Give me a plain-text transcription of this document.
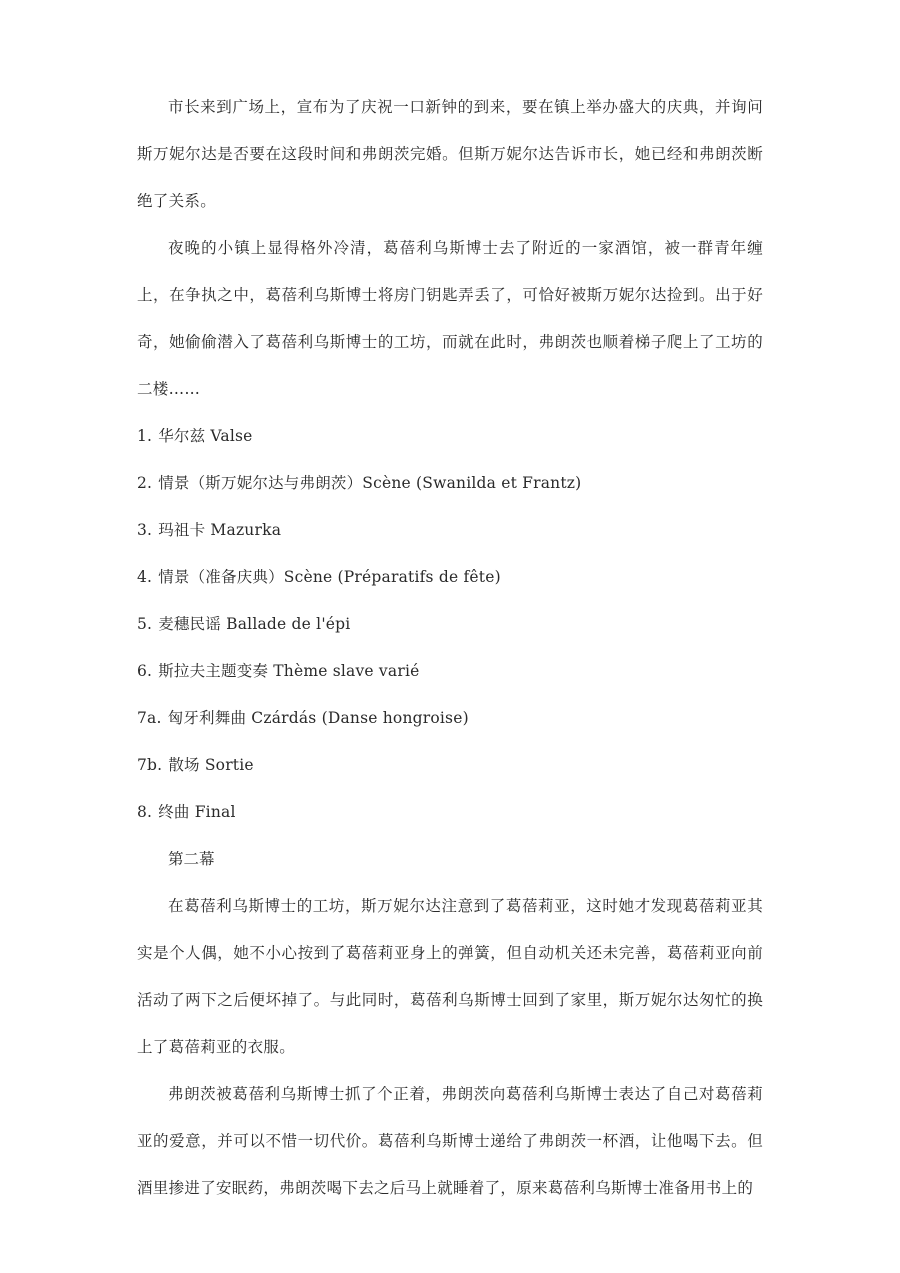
市长来到广场上，宣布为了庆祝一口新钟的到来，要在镇上举办盛大的庆典，并询问斯万妮尔达是否要在这段时间和弗朗茨完婚。但斯万妮尔达告诉市长，她已经和弗朗茨断绝了关系。

夜晚的小镇上显得格外冷清，葛蓓利乌斯博士去了附近的一家酒馆，被一群青年缠上，在争执之中，葛蓓利乌斯博士将房门钥匙弄丢了，可恰好被斯万妮尔达捡到。出于好奇，她偷偷潜入了葛蓓利乌斯博士的工坊，而就在此时，弗朗茨也顺着梯子爬上了工坊的二楼……

1. 华尔兹 Valse
2. 情景（斯万妮尔达与弗朗茨）Scène (Swanilda et Frantz)
3. 玛祖卡 Mazurka
4. 情景（准备庆典）Scène (Préparatifs de fête)
5. 麦穗民谣 Ballade de l'épi
6. 斯拉夫主题变奏 Thème slave varié
7a. 匈牙利舞曲 Czárdás (Danse hongroise)
7b. 散场 Sortie
8. 终曲 Final
第二幕

在葛蓓利乌斯博士的工坊，斯万妮尔达注意到了葛蓓莉亚，这时她才发现葛蓓莉亚其实是个人偶，她不小心按到了葛蓓莉亚身上的弹簧，但自动机关还未完善，葛蓓莉亚向前活动了两下之后便坏掉了。与此同时，葛蓓利乌斯博士回到了家里，斯万妮尔达匆忙的换上了葛蓓莉亚的衣服。

弗朗茨被葛蓓利乌斯博士抓了个正着，弗朗茨向葛蓓利乌斯博士表达了自己对葛蓓莉亚的爱意，并可以不惜一切代价。葛蓓利乌斯博士递给了弗朗茨一杯酒，让他喝下去。但酒里掺进了安眠药，弗朗茨喝下去之后马上就睡着了，原来葛蓓利乌斯博士准备用书上的
